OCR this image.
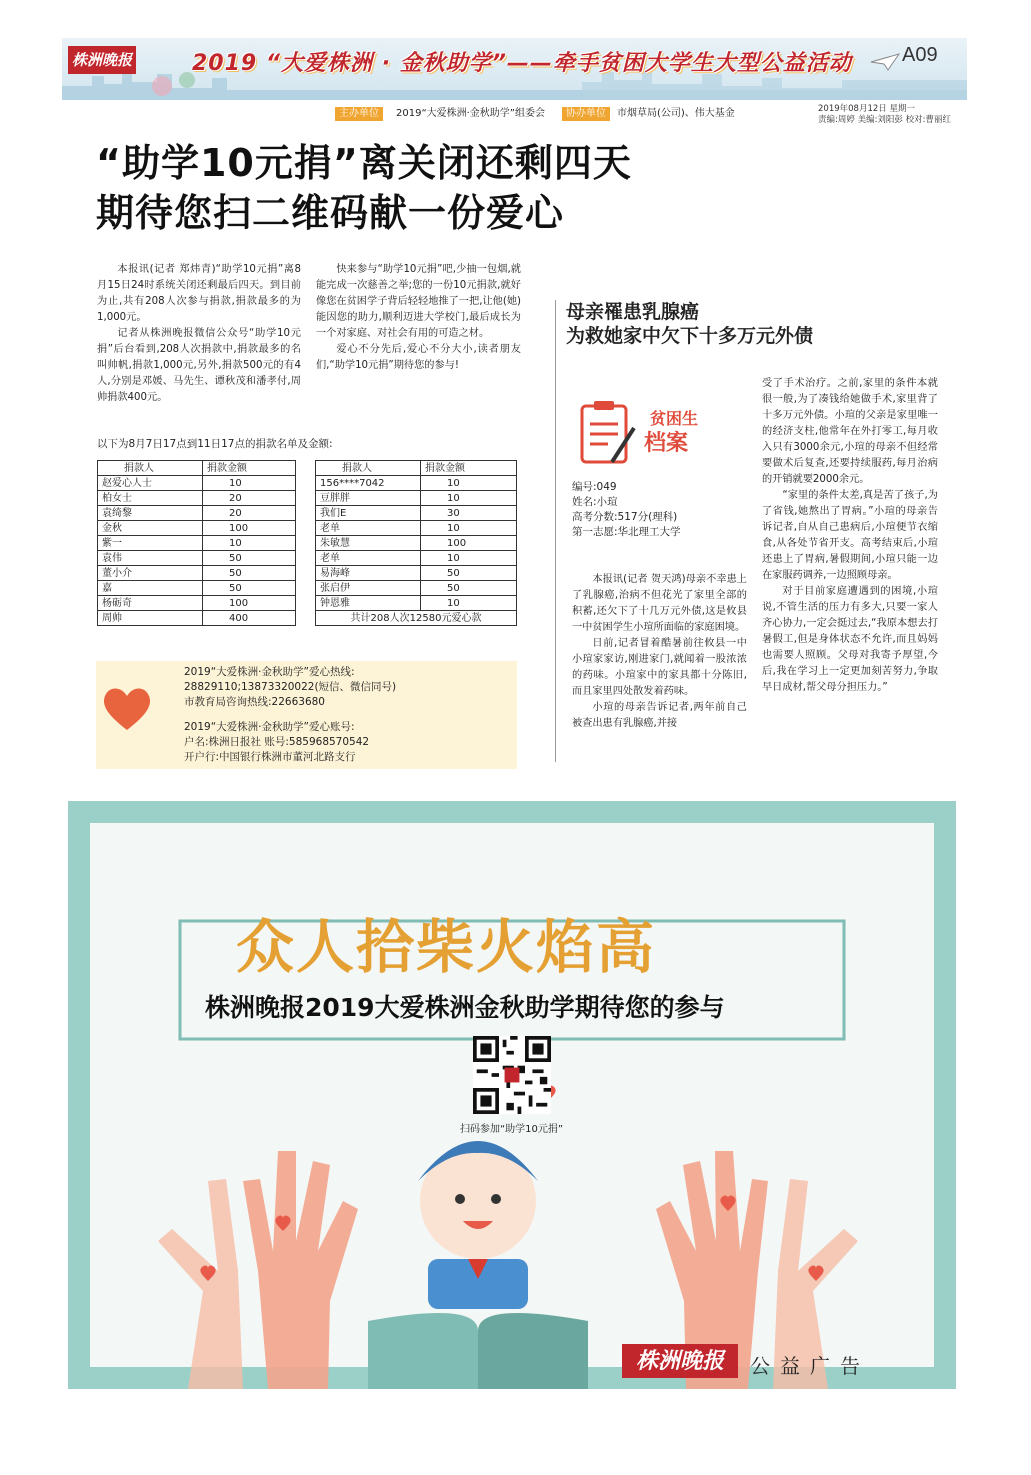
株洲晚报	2019 “大爱株洲 · 金秋助学”——牵手贫困大学生大型公益活动	A09
主办单位	2019“大爱株洲·金秋助学”组委会	协办单位	市烟草局(公司)、伟大基金	2019年08月12日 星期一
责编:周婷 美编:刘阳彭 校对:曹丽红
“助学10元捐”离关闭还剩四天
期待您扫二维码献一份爱心

本报讯(记者 郑炜青)“助学10元捐”离8月15日24时系统关闭还剩最后四天。到目前为止,共有208人次参与捐款,捐款最多的为1,000元。

记者从株洲晚报微信公众号“助学10元捐”后台看到,208人次捐款中,捐款最多的名叫帅帆,捐款1,000元,另外,捐款500元的有4人,分别是邓媛、马先生、谭秋茂和潘孝付,周帅捐款400元。

快来参与“助学10元捐”吧,少抽一包烟,就能完成一次慈善之举;您的一份10元捐款,就好像您在贫困学子背后轻轻地推了一把,让他(她)能因您的助力,顺利迈进大学校门,最后成长为一个对家庭、对社会有用的可造之材。

爱心不分先后,爱心不分大小,读者朋友们,“助学10元捐”期待您的参与!

以下为8月7日17点到11日17点的捐款名单及金额:
捐款人	捐款金额
赵爱心人士	10
柏女士	20
袁绮黎	20
金秋	100
紫一	10
袁伟	50
董小介	50
嘉	50
杨砺奇	100
周帅	400
捐款人	捐款金额
156****7042	10
豆胖胖	10
我们E	30
老单	10
朱敏慧	100
老单	10
易海峰	50
张启伊	50
钟恩雅	10
共计208人次12580元爱心款	
2019“大爱株洲·金秋助学”爱心热线:
28829110;13873320022(短信、微信同号)
市教育局咨询热线:22663680
2019“大爱株洲·金秋助学”爱心账号:
户名:株洲日报社 账号:585968570542
开户行:中国银行株洲市董河北路支行
母亲罹患乳腺癌
为救她家中欠下十多万元外债
贫困生
档案
编号:049
姓名:小瑄
高考分数:517分(理科)
第一志愿:华北理工大学

本报讯(记者 贺天鸿)母亲不幸患上了乳腺癌,治病不但花光了家里全部的积蓄,还欠下了十几万元外债,这是攸县一中贫困学生小瑄所面临的家庭困境。

日前,记者冒着酷暑前往攸县一中小瑄家家访,刚进家门,就闻着一股浓浓的药味。小瑄家中的家具都十分陈旧,而且家里四处散发着药味。

小瑄的母亲告诉记者,两年前自己被查出患有乳腺癌,并接

受了手术治疗。之前,家里的条件本就很一般,为了凑钱给她做手术,家里背了十多万元外债。小瑄的父亲是家里唯一的经济支柱,他常年在外打零工,每月收入只有3000余元,小瑄的母亲不但经常要做术后复查,还要持续服药,每月治病的开销就要2000余元。

“家里的条件太差,真是苦了孩子,为了省钱,她熬出了胃病。”小瑄的母亲告诉记者,自从自己患病后,小瑄便节衣缩食,从各处节省开支。高考结束后,小瑄还患上了胃病,暑假期间,小瑄只能一边在家服药调养,一边照顾母亲。

对于目前家庭遭遇到的困境,小瑄说,不管生活的压力有多大,只要一家人齐心协力,一定会挺过去,“我原本想去打暑假工,但是身体状态不允许,而且妈妈也需要人照顾。父母对我寄予厚望,今后,我在学习上一定更加刻苦努力,争取早日成材,帮父母分担压力。”

众人拾柴火焰高
株洲晚报2019大爱株洲金秋助学期待您的参与
扫码参加“助学10元捐”
株洲晚报	公益广告
